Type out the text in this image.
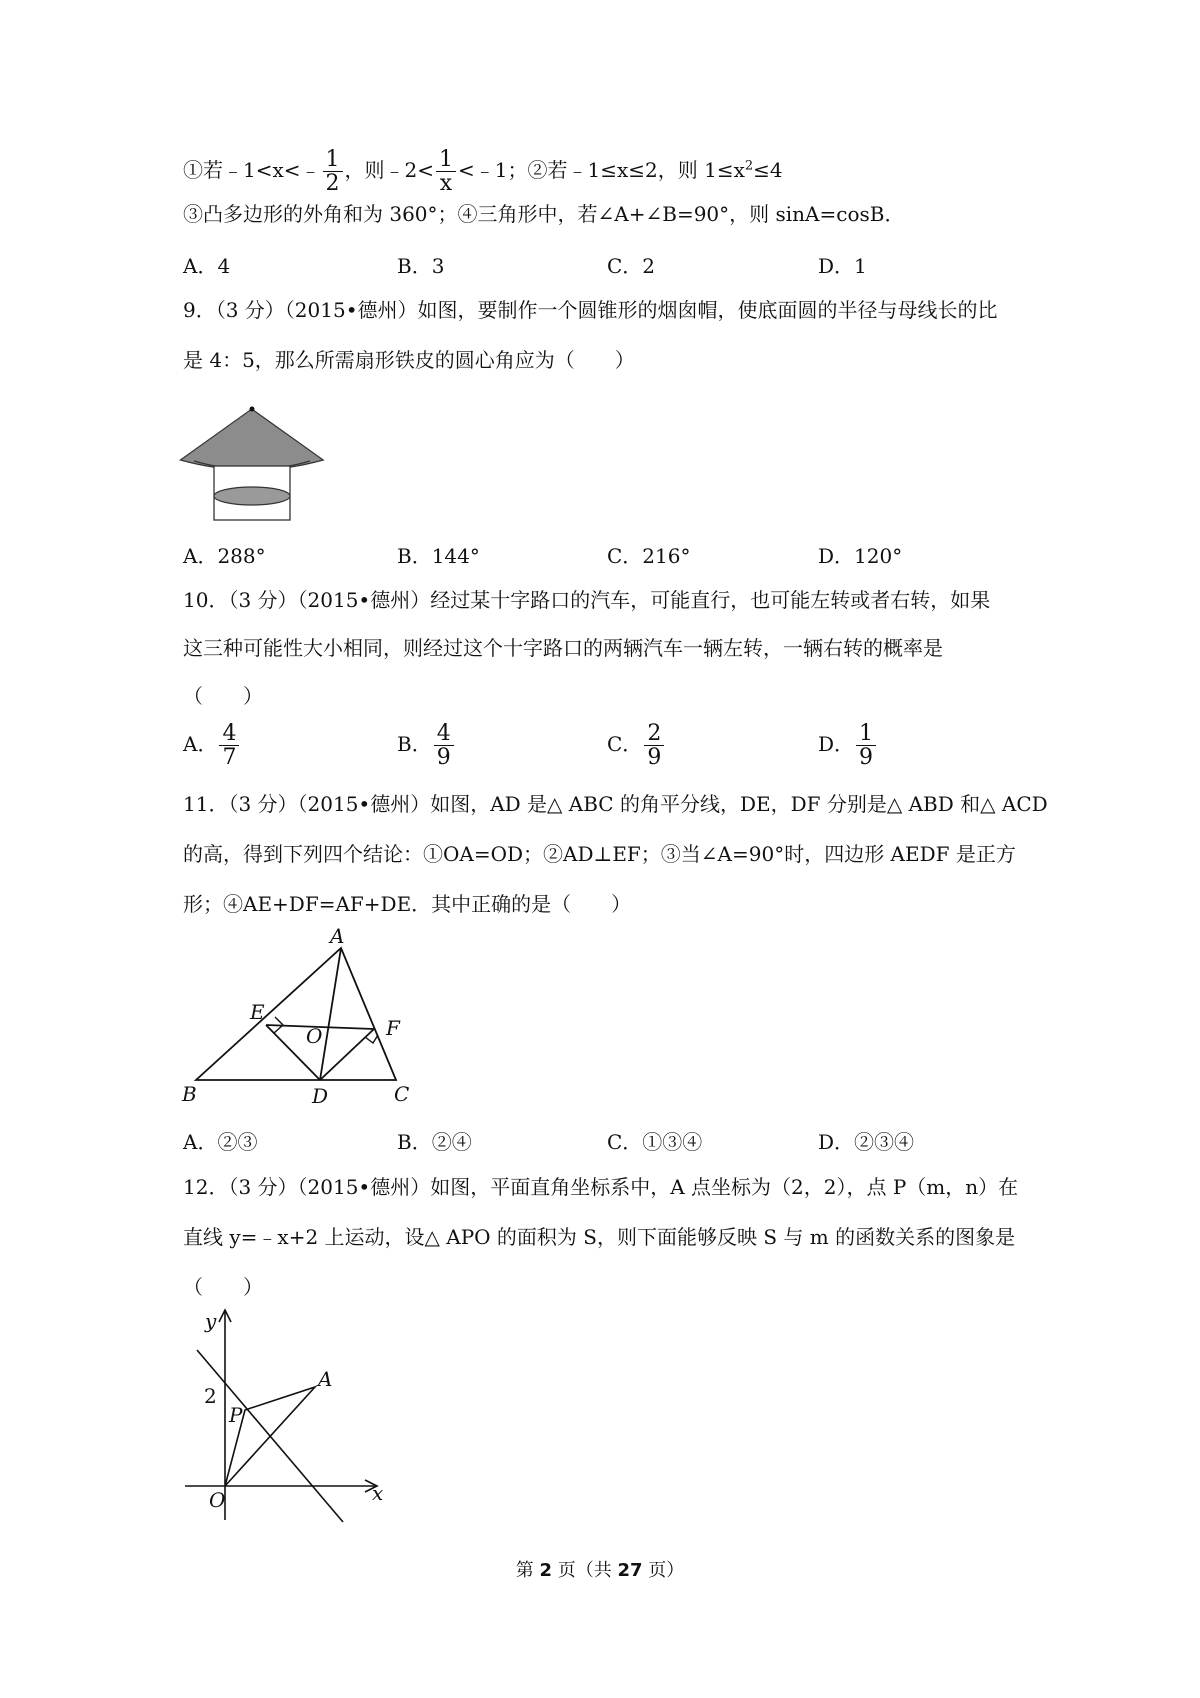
①若﹣1<x<﹣ $\frac{1}{2}$ ，则﹣2< $\frac{1}{x}$ <﹣1；②若﹣1≤x≤2，则 $1\le x^2\le 4$
③凸多边形的外角和为 360°；④三角形中，若∠A+∠B=90°，则 sinA=cosB．
A．4	B．3	C．2	D．1
9．（3 分）（2015•德州）如图，要制作一个圆锥形的烟囱帽，使底面圆的半径与母线长的比
是 4：5，那么所需扇形铁皮的圆心角应为（　　）
A．288°	B．144°	C．216°	D．120°
10．（3 分）（2015•德州）经过某十字路口的汽车，可能直行，也可能左转或者右转，如果
这三种可能性大小相同，则经过这个十字路口的两辆汽车一辆左转，一辆右转的概率是
（　　）
A． $\frac{4}{7}$	B． $\frac{4}{9}$	C． $\frac{2}{9}$	D． $\frac{1}{9}$
11．（3 分）（2015•德州）如图，AD 是△ ABC 的角平分线，DE，DF 分别是△ ABD 和△ ACD
的高，得到下列四个结论：①OA=OD；②AD⊥EF；③当∠A=90°时，四边形 AEDF 是正方
形；④AE+DF=AF+DE．其中正确的是（　　）
A
B	C
D
E
F
O
A．②③	B．②④	C．①③④	D．②③④
12．（3 分）（2015•德州）如图，平面直角坐标系中，A 点坐标为（2，2），点 P（m，n）在
直线 y=﹣x+2 上运动，设△ APO 的面积为 S，则下面能够反映 S 与 m 的函数关系的图象是
（　　）
y
x
2
P
A
O
第 2 页（共 27 页）
